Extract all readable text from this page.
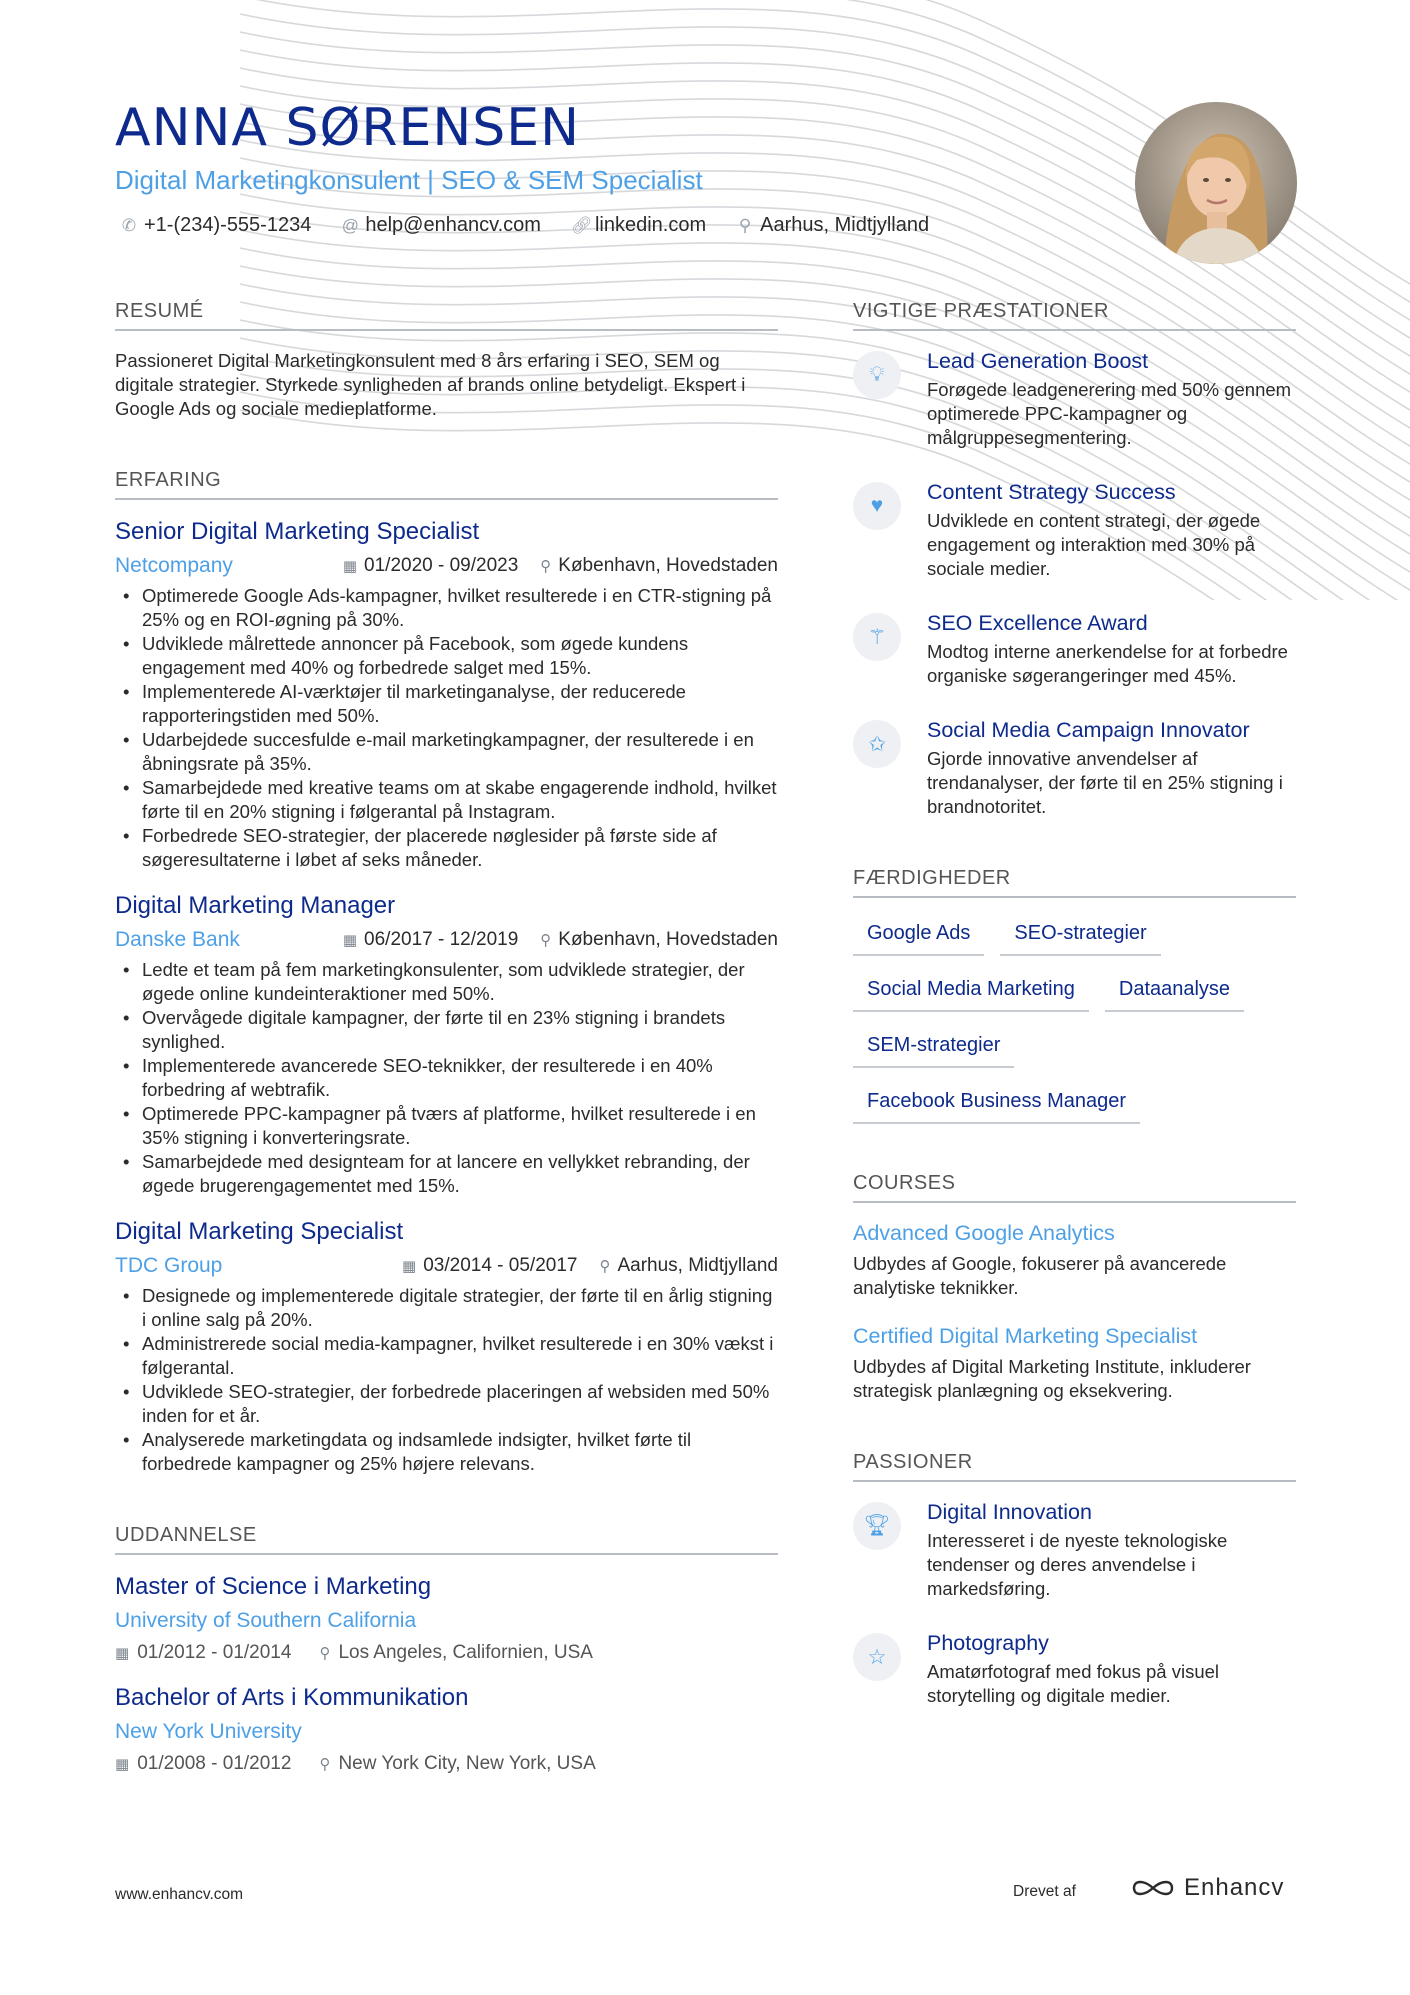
ANNA SØRENSEN
Digital Marketingkonsulent | SEO & SEM Specialist
✆ +1-(234)-555-1234 @ help@enhancv.com 🔗︎ linkedin.com ⚲ Aarhus, Midtjylland
RESUMÉ
Passioneret Digital Marketingkonsulent med 8 års erfaring i SEO, SEM og digitale strategier. Styrkede synligheden af brands online betydeligt. Ekspert i Google Ads og sociale medieplatforme.
ERFARING
Senior Digital Marketing Specialist
Netcompany	▦ 01/2020 - 09/2023 ⚲ København, Hovedstaden
• Optimerede Google Ads-kampagner, hvilket resulterede i en CTR-stigning på 25% og en ROI-øgning på 30%.
• Udviklede målrettede annoncer på Facebook, som øgede kundens engagement med 40% og forbedrede salget med 15%.
• Implementerede AI-værktøjer til marketinganalyse, der reducerede rapporteringstiden med 50%.
• Udarbejdede succesfulde e-mail marketingkampagner, der resulterede i en åbningsrate på 35%.
• Samarbejdede med kreative teams om at skabe engagerende indhold, hvilket førte til en 20% stigning i følgerantal på Instagram.
• Forbedrede SEO-strategier, der placerede nøglesider på første side af søgeresultaterne i løbet af seks måneder.
Digital Marketing Manager
Danske Bank	▦ 06/2017 - 12/2019 ⚲ København, Hovedstaden
• Ledte et team på fem marketingkonsulenter, som udviklede strategier, der øgede online kundeinteraktioner med 50%.
• Overvågede digitale kampagner, der førte til en 23% stigning i brandets synlighed.
• Implementerede avancerede SEO-teknikker, der resulterede i en 40% forbedring af webtrafik.
• Optimerede PPC-kampagner på tværs af platforme, hvilket resulterede i en 35% stigning i konverteringsrate.
• Samarbejdede med designteam for at lancere en vellykket rebranding, der øgede brugerengagementet med 15%.
Digital Marketing Specialist
TDC Group	▦ 03/2014 - 05/2017 ⚲ Aarhus, Midtjylland
• Designede og implementerede digitale strategier, der førte til en årlig stigning i online salg på 20%.
• Administrerede social media-kampagner, hvilket resulterede i en 30% vækst i følgerantal.
• Udviklede SEO-strategier, der forbedrede placeringen af websiden med 50% inden for et år.
• Analyserede marketingdata og indsamlede indsigter, hvilket førte til forbedrede kampagner og 25% højere relevans.
UDDANNELSE
Master of Science i Marketing
University of Southern California
▦ 01/2012 - 01/2014 ⚲ Los Angeles, Californien, USA
Bachelor of Arts i Kommunikation
New York University
▦ 01/2008 - 01/2012 ⚲ New York City, New York, USA
VIGTIGE PRÆSTATIONER
💡︎
Lead Generation Boost
Forøgede leadgenerering med 50% gennem optimerede PPC-kampagner og målgruppesegmentering.
♥
Content Strategy Success
Udviklede en content strategi, der øgede engagement og interaktion med 30% på sociale medier.
⚚
SEO Excellence Award
Modtog interne anerkendelse for at forbedre organiske søgerangeringer med 45%.
✩
Social Media Campaign Innovator
Gjorde innovative anvendelser af trendanalyser, der førte til en 25% stigning i brandnotoritet.
FÆRDIGHEDER
Google Ads	SEO-strategier
Social Media Marketing	Dataanalyse
SEM-strategier
Facebook Business Manager
COURSES
Advanced Google Analytics
Udbydes af Google, fokuserer på avancerede analytiske teknikker.
Certified Digital Marketing Specialist
Udbydes af Digital Marketing Institute, inkluderer strategisk planlægning og eksekvering.
PASSIONER
🏆︎
Digital Innovation
Interesseret i de nyeste teknologiske tendenser og deres anvendelse i markedsføring.
☆
Photography
Amatørfotograf med fokus på visuel storytelling og digitale medier.
www.enhancv.com	Drevet af	Enhancv
